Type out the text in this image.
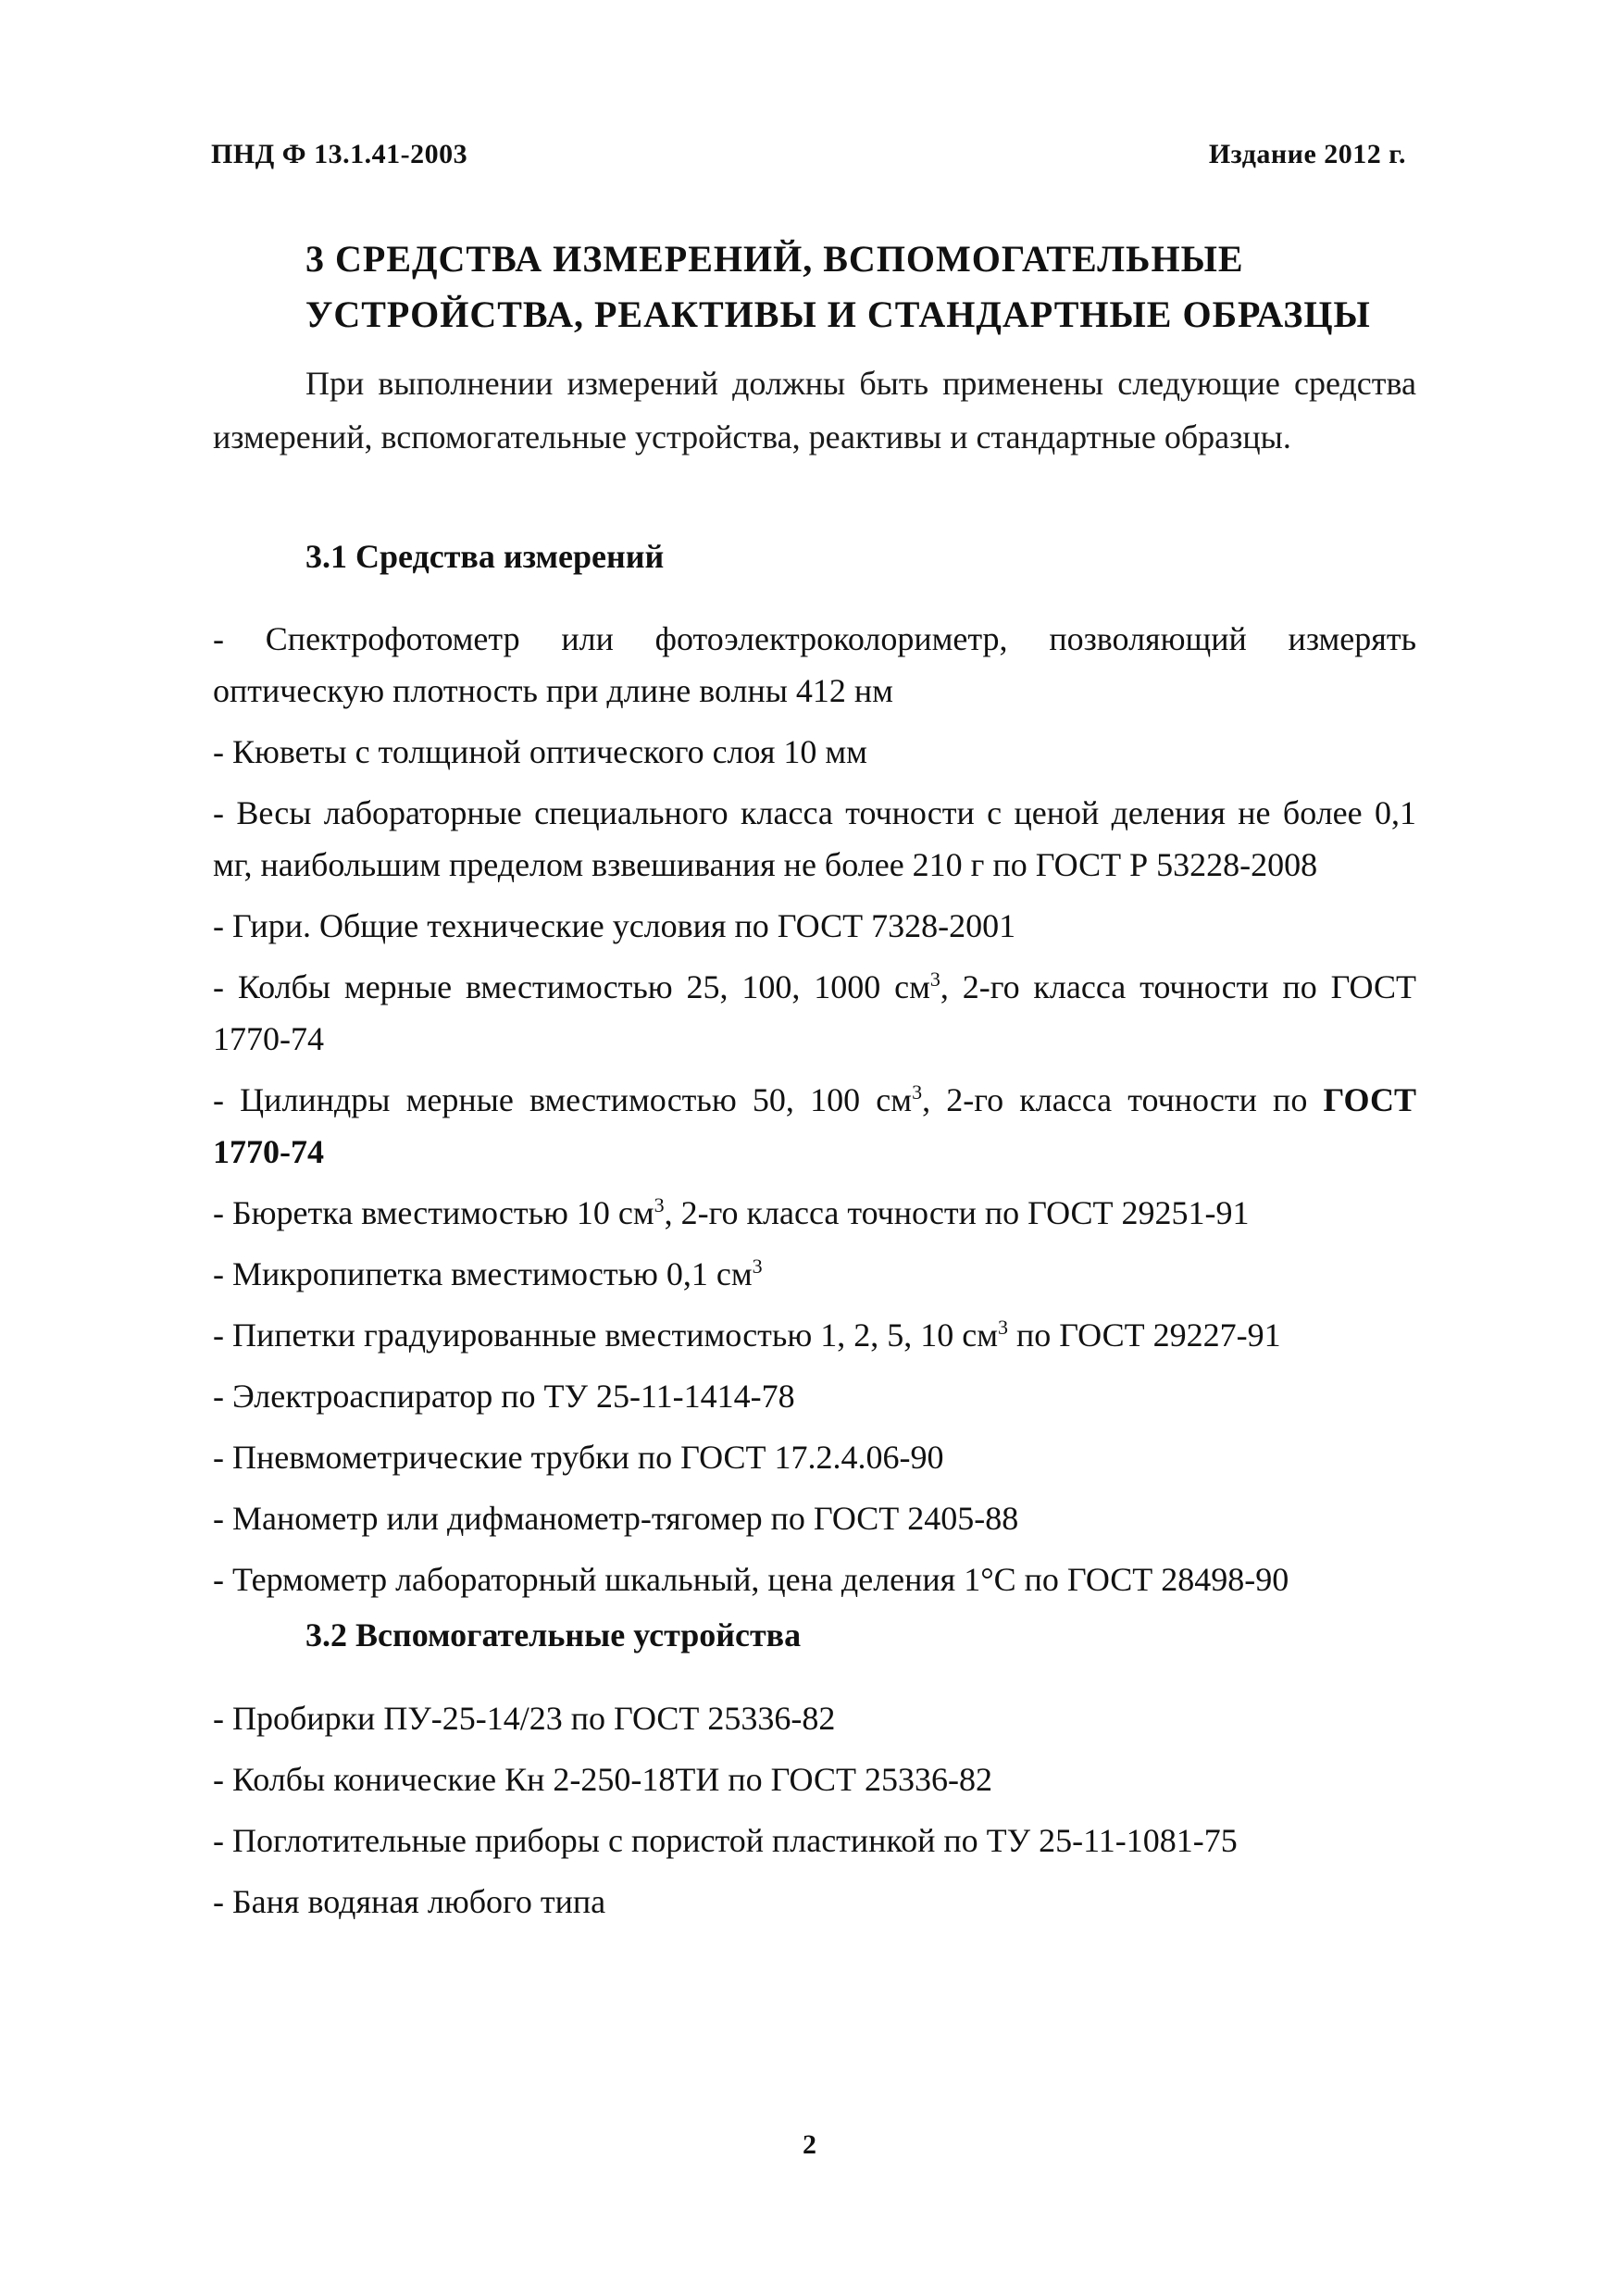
ПНД Ф 13.1.41-2003	Издание 2012 г.
3 СРЕДСТВА ИЗМЕРЕНИЙ, ВСПОМОГАТЕЛЬНЫЕ
УСТРОЙСТВА, РЕАКТИВЫ И СТАНДАРТНЫЕ ОБРАЗЦЫ

При выполнении измерений должны быть применены следующие средства измерений, вспомогательные устройства, реактивы и стандартные образцы.

3.1 Средства измерений
- Спектрофотометр или фотоэлектроколориметр, позволяющий измерять оптическую плотность при длине волны 412 нм
- Кюветы с толщиной оптического слоя 10 мм
- Весы лабораторные специального класса точности с ценой деления не более 0,1 мг, наибольшим пределом взвешивания не более 210 г по ГОСТ Р 53228-2008
- Гири. Общие технические условия по ГОСТ 7328-2001
- Колбы мерные вместимостью 25, 100, 1000 $см^3$, 2-го класса точности по ГОСТ 1770-74
- Цилиндры мерные вместимостью 50, 100 $см^3$, 2-го класса точности по ГОСТ 1770-74
- Бюретка вместимостью 10 $см^3$, 2-го класса точности по ГОСТ 29251-91
- Микропипетка вместимостью 0,1 $см^3$
- Пипетки градуированные вместимостью 1, 2, 5, 10 $см^3$ по ГОСТ 29227-91
- Электроаспиратор по ТУ 25-11-1414-78
- Пневмометрические трубки по ГОСТ 17.2.4.06-90
- Манометр или дифманометр-тягомер по ГОСТ 2405-88
- Термометр лабораторный шкальный, цена деления 1°С по ГОСТ 28498-90
3.2 Вспомогательные устройства
- Пробирки ПУ-25-14/23 по ГОСТ 25336-82
- Колбы конические Кн 2-250-18ТИ по ГОСТ 25336-82
- Поглотительные приборы с пористой пластинкой по ТУ 25-11-1081-75
- Баня водяная любого типа
2
